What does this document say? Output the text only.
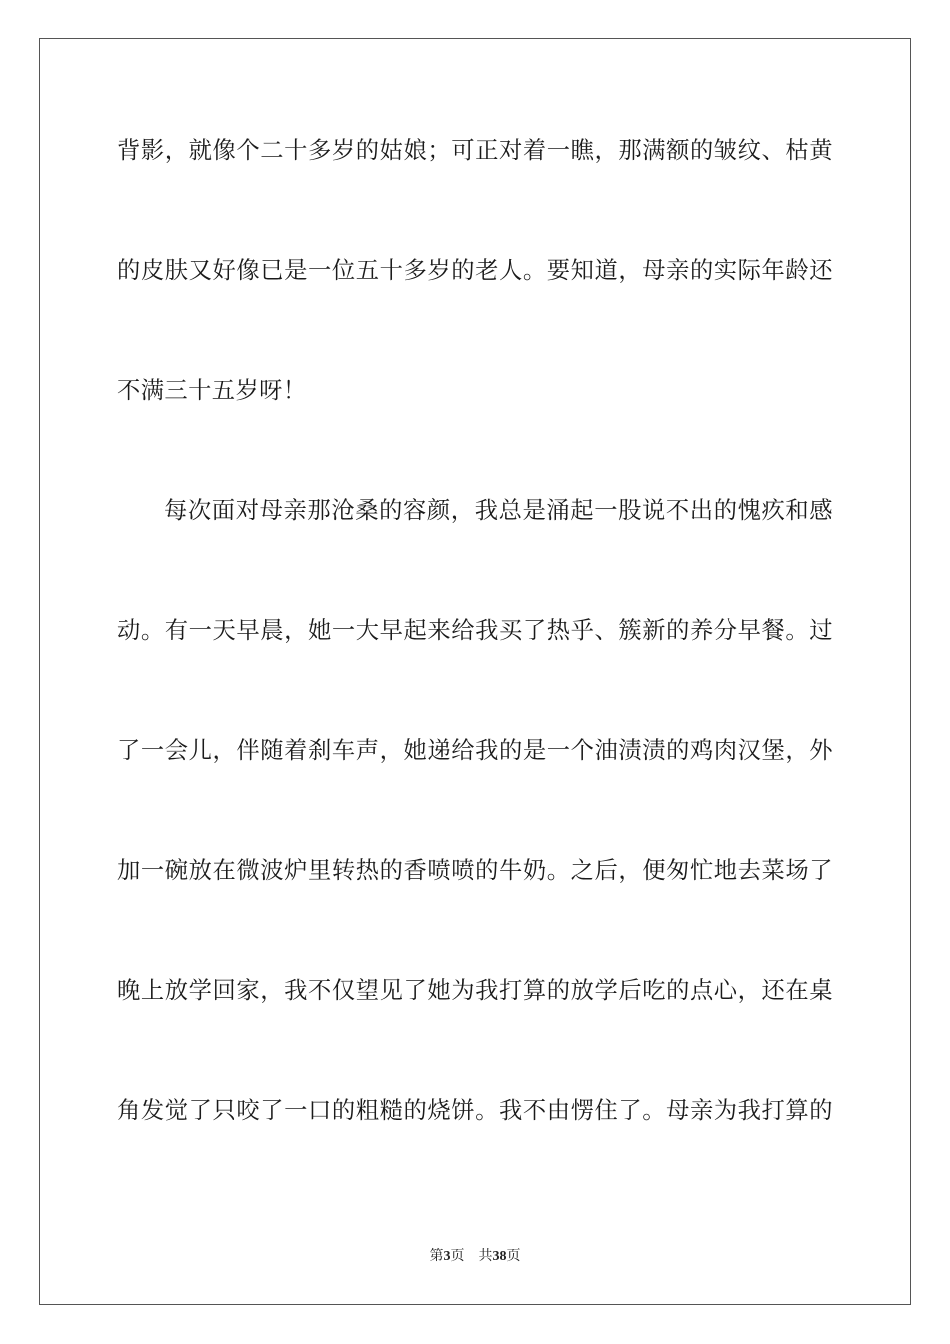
背影，就像个二十多岁的姑娘；可正对着一瞧，那满额的皱纹、枯黄
的皮肤又好像已是一位五十多岁的老人。要知道，母亲的实际年龄还
不满三十五岁呀！
每次面对母亲那沧桑的容颜，我总是涌起一股说不出的愧疚和感
动。有一天早晨，她一大早起来给我买了热乎、簇新的养分早餐。过
了一会儿，伴随着刹车声，她递给我的是一个油渍渍的鸡肉汉堡，外
加一碗放在微波炉里转热的香喷喷的牛奶。之后，便匆忙地去菜场了
晚上放学回家，我不仅望见了她为我打算的放学后吃的点心，还在桌
角发觉了只咬了一口的粗糙的烧饼。我不由愣住了。母亲为我打算的
第3页 共38页
